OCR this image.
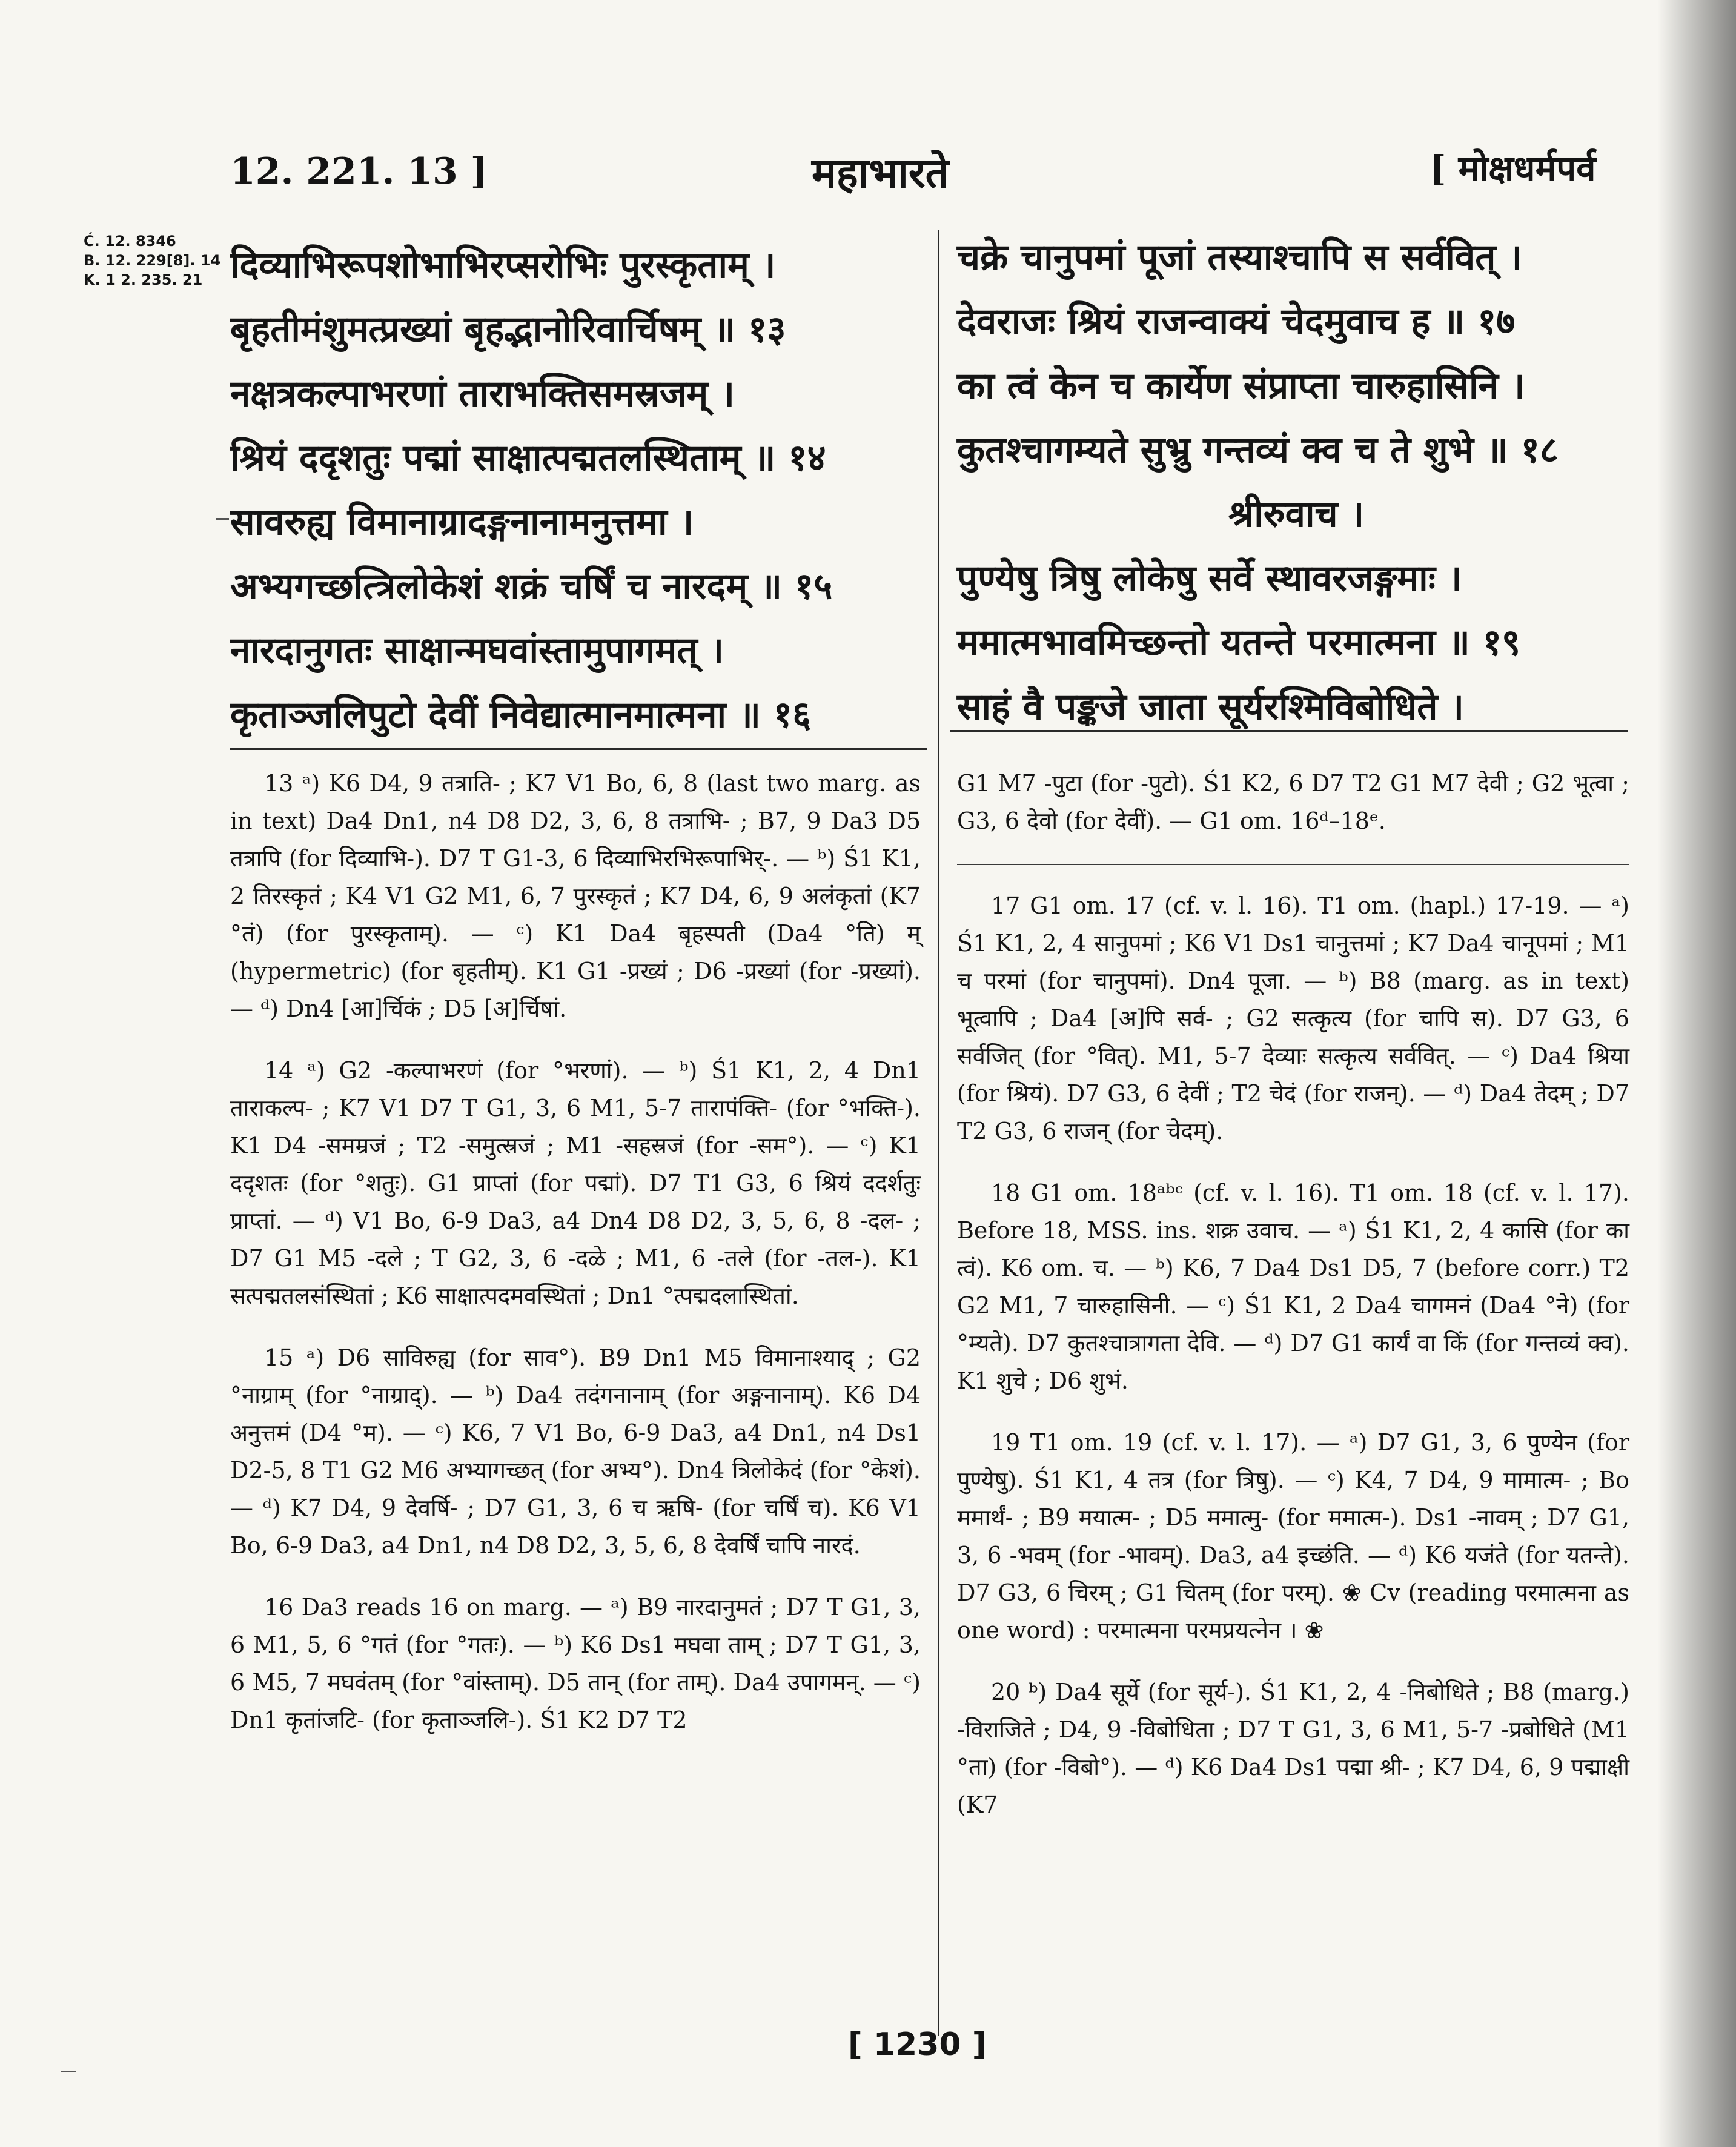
12. 221. 13 ]	महाभारते	[ मोक्षधर्मपर्व
Ć. 12. 8346
B. 12. 229[8]. 14
K. 1 2. 235. 21 दिव्याभिरूपशोभाभिरप्सरोभिः पुरस्कृताम् ।
बृहतीमंशुमत्प्रख्यां बृहद्भानोरिवार्चिषम् ॥ १३
नक्षत्रकल्पाभरणां ताराभक्तिसमस्रजम् ।
श्रियं ददृशतुः पद्मां साक्षात्पद्मतलस्थिताम् ॥ १४
सावरुह्य विमानाग्रादङ्गनानामनुत्तमा ।
अभ्यगच्छत्त्रिलोकेशं शक्रं चर्षिं च नारदम् ॥ १५
नारदानुगतः साक्षान्मघवांस्तामुपागमत् ।
कृताञ्जलिपुटो देवीं निवेद्यात्मानमात्मना ॥ १६
चक्रे चानुपमां पूजां तस्याश्चापि स सर्ववित् ।
देवराजः श्रियं राजन्वाक्यं चेदमुवाच ह ॥ १७
का त्वं केन च कार्येण संप्राप्ता चारुहासिनि ।
कुतश्चागम्यते सुभ्रु गन्तव्यं क्व च ते शुभे ॥ १८
श्रीरुवाच ।
पुण्येषु त्रिषु लोकेषु सर्वे स्थावरजङ्गमाः ।
ममात्मभावमिच्छन्तो यतन्ते परमात्मना ॥ १९
साहं वै पङ्कजे जाता सूर्यरश्मिविबोधिते ।

13 ᵃ) K6 D4, 9 तत्राति- ; K7 V1 Bo, 6, 8 (last two marg. as in text) Da4 Dn1, n4 D8 D2, 3, 6, 8 तत्राभि- ; B7, 9 Da3 D5 तत्रापि (for दिव्याभि-). D7 T G1-3, 6 दिव्याभिरभिरूपाभिर्-. — ᵇ) Ś1 K1, 2 तिरस्कृतं ; K4 V1 G2 M1, 6, 7 पुरस्कृतं ; K7 D4, 6, 9 अलंकृतां (K7 °तं) (for पुरस्कृताम्). — ᶜ) K1 Da4 बृहस्पती (Da4 °ति) म् (hypermetric) (for बृहतीम्). K1 G1 -प्रख्यं ; D6 -प्रख्यां (for -प्रख्यां). — ᵈ) Dn4 [आ]र्चिकं ; D5 [अ]र्चिषां.

14 ᵃ) G2 -कल्पाभरणं (for °भरणां). — ᵇ) Ś1 K1, 2, 4 Dn1 ताराकल्प- ; K7 V1 D7 T G1, 3, 6 M1, 5-7 तारापंक्ति- (for °भक्ति-). K1 D4 -समम्रजं ; T2 -समुत्स्रजं ; M1 -सहस्रजं (for -सम°). — ᶜ) K1 ददृशतः (for °शतुः). G1 प्राप्तां (for पद्मां). D7 T1 G3, 6 श्रियं ददर्शतुः प्राप्तां. — ᵈ) V1 Bo, 6-9 Da3, a4 Dn4 D8 D2, 3, 5, 6, 8 -दल- ; D7 G1 M5 -दले ; T G2, 3, 6 -दळे ; M1, 6 -तले (for -तल-). K1 सत्पद्मतलसंस्थितां ; K6 साक्षात्पदमवस्थितां ; Dn1 °त्पद्मदलास्थितां.

15 ᵃ) D6 साविरुह्य (for साव°). B9 Dn1 M5 विमानाश्याद् ; G2 °नाग्राम् (for °नाग्राद्). — ᵇ) Da4 तदंगनानाम् (for अङ्गनानाम्). K6 D4 अनुत्तमं (D4 °म). — ᶜ) K6, 7 V1 Bo, 6-9 Da3, a4 Dn1, n4 Ds1 D2-5, 8 T1 G2 M6 अभ्यागच्छत् (for अभ्य°). Dn4 त्रिलोकेदं (for °केशं). — ᵈ) K7 D4, 9 देवर्षि- ; D7 G1, 3, 6 च ऋषि- (for चर्षिं च). K6 V1 Bo, 6-9 Da3, a4 Dn1, n4 D8 D2, 3, 5, 6, 8 देवर्षिं चापि नारदं.

16 Da3 reads 16 on marg. — ᵃ) B9 नारदानुमतं ; D7 T G1, 3, 6 M1, 5, 6 °गतं (for °गतः). — ᵇ) K6 Ds1 मघवा ताम् ; D7 T G1, 3, 6 M5, 7 मघवंतम् (for °वांस्ताम्). D5 तान् (for ताम्). Da4 उपागमन्. — ᶜ) Dn1 कृतांजटि- (for कृताञ्जलि-). Ś1 K2 D7 T2

G1 M7 -पुटा (for -पुटो). Ś1 K2, 6 D7 T2 G1 M7 देवी ; G2 भूत्वा ; G3, 6 देवो (for देवीं). — G1 om. 16ᵈ–18ᵉ.

17 G1 om. 17 (cf. v. l. 16). T1 om. (hapl.) 17-19. — ᵃ) Ś1 K1, 2, 4 सानुपमां ; K6 V1 Ds1 चानुत्तमां ; K7 Da4 चानूपमां ; M1 च परमां (for चानुपमां). Dn4 पूजा. — ᵇ) B8 (marg. as in text) भूत्वापि ; Da4 [अ]पि सर्व- ; G2 सत्कृत्य (for चापि स). D7 G3, 6 सर्वजित् (for °वित्). M1, 5-7 देव्याः सत्कृत्य सर्ववित्. — ᶜ) Da4 श्रिया (for श्रियं). D7 G3, 6 देवीं ; T2 चेदं (for राजन्). — ᵈ) Da4 तेदम् ; D7 T2 G3, 6 राजन् (for चेदम्).

18 G1 om. 18ᵃᵇᶜ (cf. v. l. 16). T1 om. 18 (cf. v. l. 17). Before 18, MSS. ins. शक्र उवाच. — ᵃ) Ś1 K1, 2, 4 कासि (for का त्वं). K6 om. च. — ᵇ) K6, 7 Da4 Ds1 D5, 7 (before corr.) T2 G2 M1, 7 चारुहासिनी. — ᶜ) Ś1 K1, 2 Da4 चागमनं (Da4 °ने) (for °म्यते). D7 कुतश्चात्रागता देवि. — ᵈ) D7 G1 कार्यं वा किं (for गन्तव्यं क्व). K1 शुचे ; D6 शुभं.

19 T1 om. 19 (cf. v. l. 17). — ᵃ) D7 G1, 3, 6 पुण्येन (for पुण्येषु). Ś1 K1, 4 तत्र (for त्रिषु). — ᶜ) K4, 7 D4, 9 मामात्म- ; Bo ममार्थं- ; B9 मयात्म- ; D5 ममात्मु- (for ममात्म-). Ds1 -नावम् ; D7 G1, 3, 6 -भवम् (for -भावम्). Da3, a4 इच्छंति. — ᵈ) K6 यजंते (for यतन्ते). D7 G3, 6 चिरम् ; G1 चितम् (for परम्). ❀ Cv (reading परमात्मना as one word) : परमात्मना परमप्रयत्नेन । ❀

20 ᵇ) Da4 सूर्ये (for सूर्य-). Ś1 K1, 2, 4 -निबोधिते ; B8 (marg.) -विराजिते ; D4, 9 -विबोधिता ; D7 T G1, 3, 6 M1, 5-7 -प्रबोधिते (M1 °ता) (for -विबो°). — ᵈ) K6 Da4 Ds1 पद्मा श्री- ; K7 D4, 6, 9 पद्माक्षी (K7

[ 1230 ]
